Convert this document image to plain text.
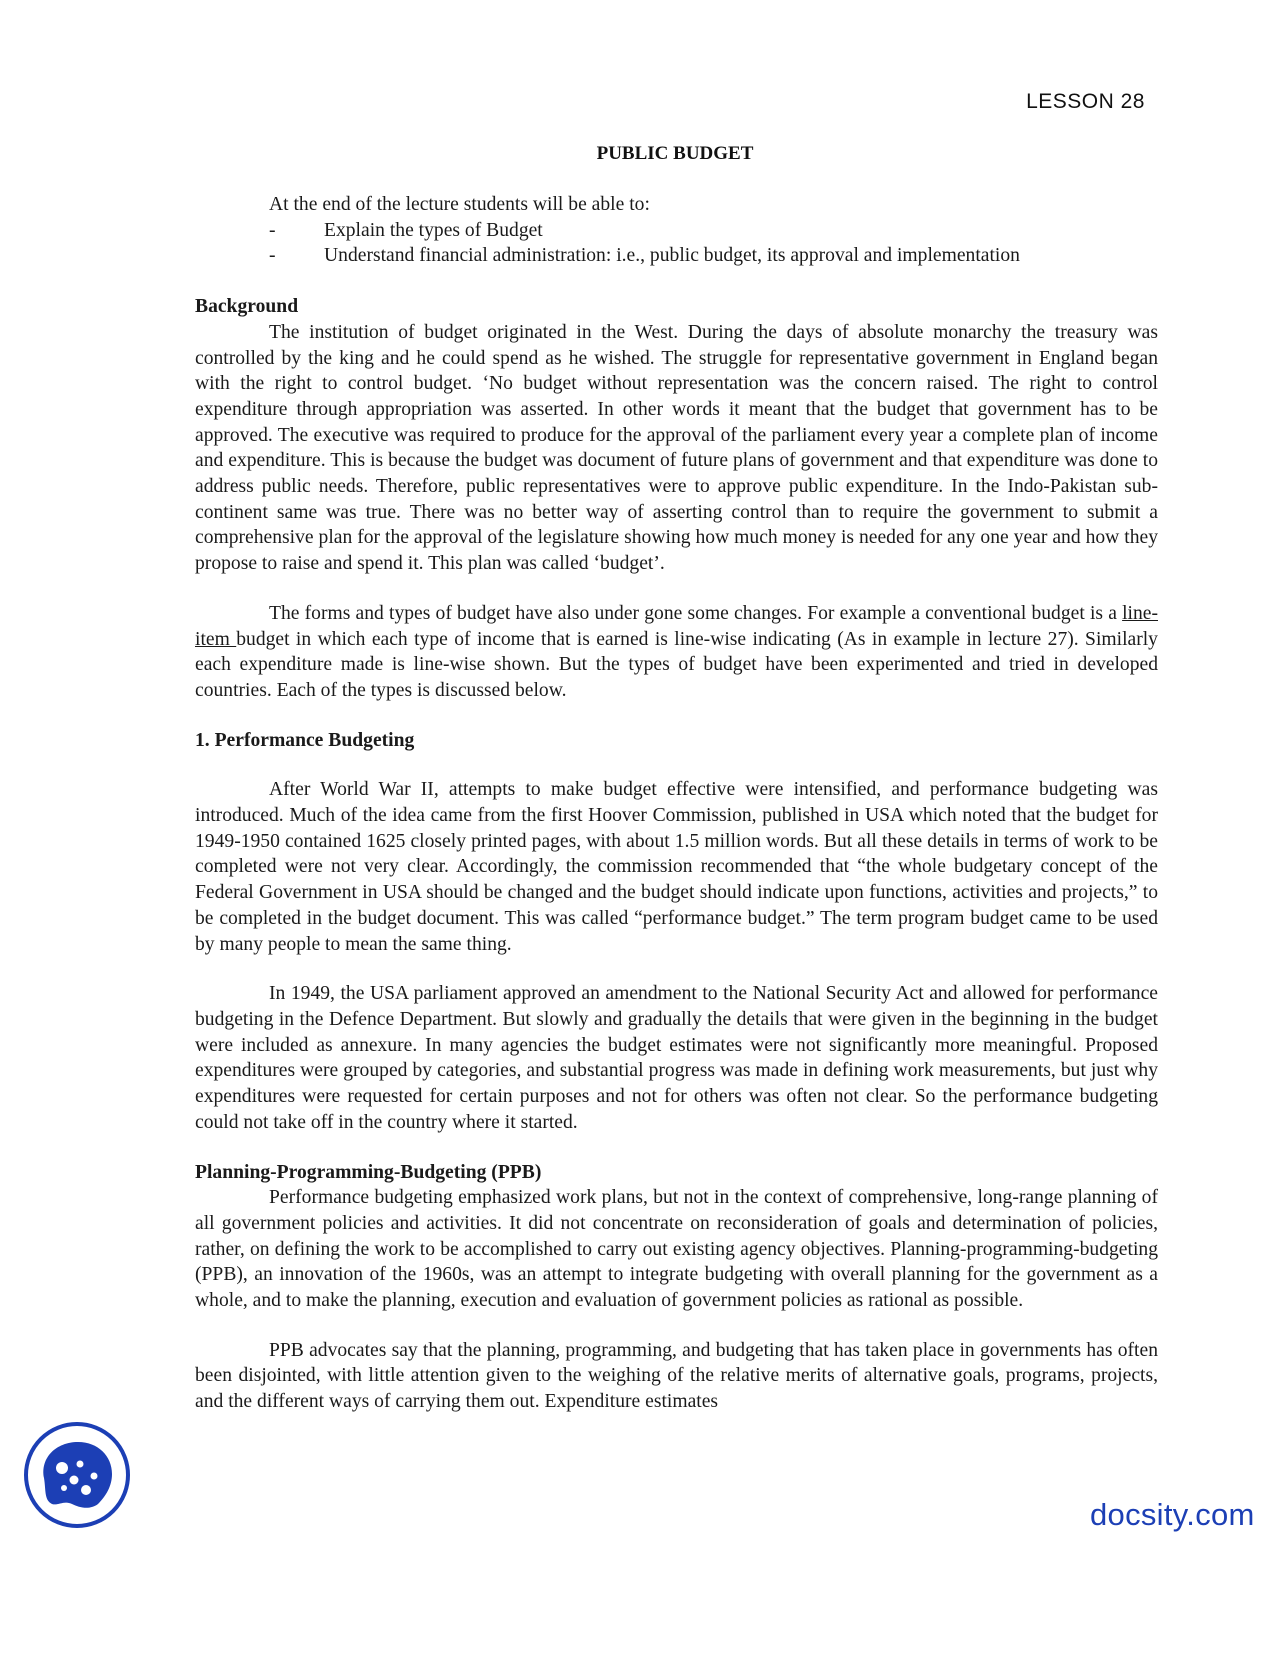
LESSON 28
PUBLIC BUDGET
At the end of the lecture students will be able to:
-	Explain the types of Budget
-	Understand financial administration: i.e., public budget, its approval and implementation
Background

The institution of budget originated in the West. During the days of absolute monarchy the treasury was controlled by the king and he could spend as he wished. The struggle for representative government in England began with the right to control budget. ‘No budget without representation was the concern raised. The right to control expenditure through appropriation was asserted. In other words it meant that the budget that government has to be approved. The executive was required to produce for the approval of the parliament every year a complete plan of income and expenditure. This is because the budget was document of future plans of government and that expenditure was done to address public needs. Therefore, public representatives were to approve public expenditure. In the Indo-Pakistan sub-continent same was true. There was no better way of asserting control than to require the government to submit a comprehensive plan for the approval of the legislature showing how much money is needed for any one year and how they propose to raise and spend it. This plan was called ‘budget’.

The forms and types of budget have also under gone some changes. For example a conventional budget is a line-item budget in which each type of income that is earned is line-wise indicating (As in example in lecture 27). Similarly each expenditure made is line-wise shown. But the types of budget have been experimented and tried in developed countries. Each of the types is discussed below.

1. Performance Budgeting

After World War II, attempts to make budget effective were intensified, and performance budgeting was introduced. Much of the idea came from the first Hoover Commission, published in USA which noted that the budget for 1949-1950 contained 1625 closely printed pages, with about 1.5 million words. But all these details in terms of work to be completed were not very clear. Accordingly, the commission recommended that “the whole budgetary concept of the Federal Government in USA should be changed and the budget should indicate upon functions, activities and projects,” to be completed in the budget document. This was called “performance budget.” The term program budget came to be used by many people to mean the same thing.

In 1949, the USA parliament approved an amendment to the National Security Act and allowed for performance budgeting in the Defence Department. But slowly and gradually the details that were given in the beginning in the budget were included as annexure. In many agencies the budget estimates were not significantly more meaningful. Proposed expenditures were grouped by categories, and substantial progress was made in defining work measurements, but just why expenditures were requested for certain purposes and not for others was often not clear. So the performance budgeting could not take off in the country where it started.

Planning-Programming-Budgeting (PPB)

Performance budgeting emphasized work plans, but not in the context of comprehensive, long-range planning of all government policies and activities. It did not concentrate on reconsideration of goals and determination of policies, rather, on defining the work to be accomplished to carry out existing agency objectives. Planning-programming-budgeting (PPB), an innovation of the 1960s, was an attempt to integrate budgeting with overall planning for the government as a whole, and to make the planning, execution and evaluation of government policies as rational as possible.

PPB advocates say that the planning, programming, and budgeting that has taken place in governments has often been disjointed, with little attention given to the weighing of the relative merits of alternative goals, programs, projects, and the different ways of carrying them out. Expenditure estimates

docsity.com
